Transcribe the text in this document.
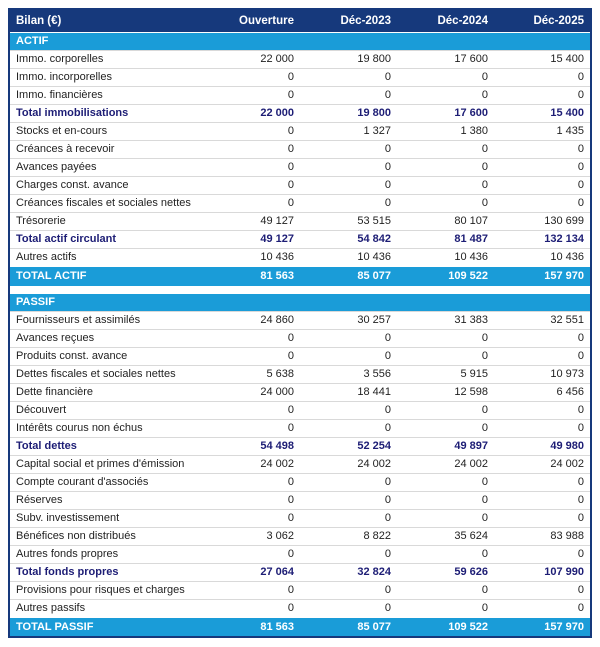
Bilan (€)	Ouverture	Déc-2023	Déc-2024	Déc-2025
ACTIF				
Immo. corporelles	22 000	19 800	17 600	15 400
Immo. incorporelles	0	0	0	0
Immo. financières	0	0	0	0
Total immobilisations	22 000	19 800	17 600	15 400
Stocks et en-cours	0	1 327	1 380	1 435
Créances à recevoir	0	0	0	0
Avances payées	0	0	0	0
Charges const. avance	0	0	0	0
Créances fiscales et sociales nettes	0	0	0	0
Trésorerie	49 127	53 515	80 107	130 699
Total actif circulant	49 127	54 842	81 487	132 134
Autres actifs	10 436	10 436	10 436	10 436
TOTAL ACTIF	81 563	85 077	109 522	157 970

PASSIF				
Fournisseurs et assimilés	24 860	30 257	31 383	32 551
Avances reçues	0	0	0	0
Produits const. avance	0	0	0	0
Dettes fiscales et sociales nettes	5 638	3 556	5 915	10 973
Dette financière	24 000	18 441	12 598	6 456
Découvert	0	0	0	0
Intérêts courus non échus	0	0	0	0
Total dettes	54 498	52 254	49 897	49 980
Capital social et primes d'émission	24 002	24 002	24 002	24 002
Compte courant d'associés	0	0	0	0
Réserves	0	0	0	0
Subv. investissement	0	0	0	0
Bénéfices non distribués	3 062	8 822	35 624	83 988
Autres fonds propres	0	0	0	0
Total fonds propres	27 064	32 824	59 626	107 990
Provisions pour risques et charges	0	0	0	0
Autres passifs	0	0	0	0
TOTAL PASSIF	81 563	85 077	109 522	157 970
